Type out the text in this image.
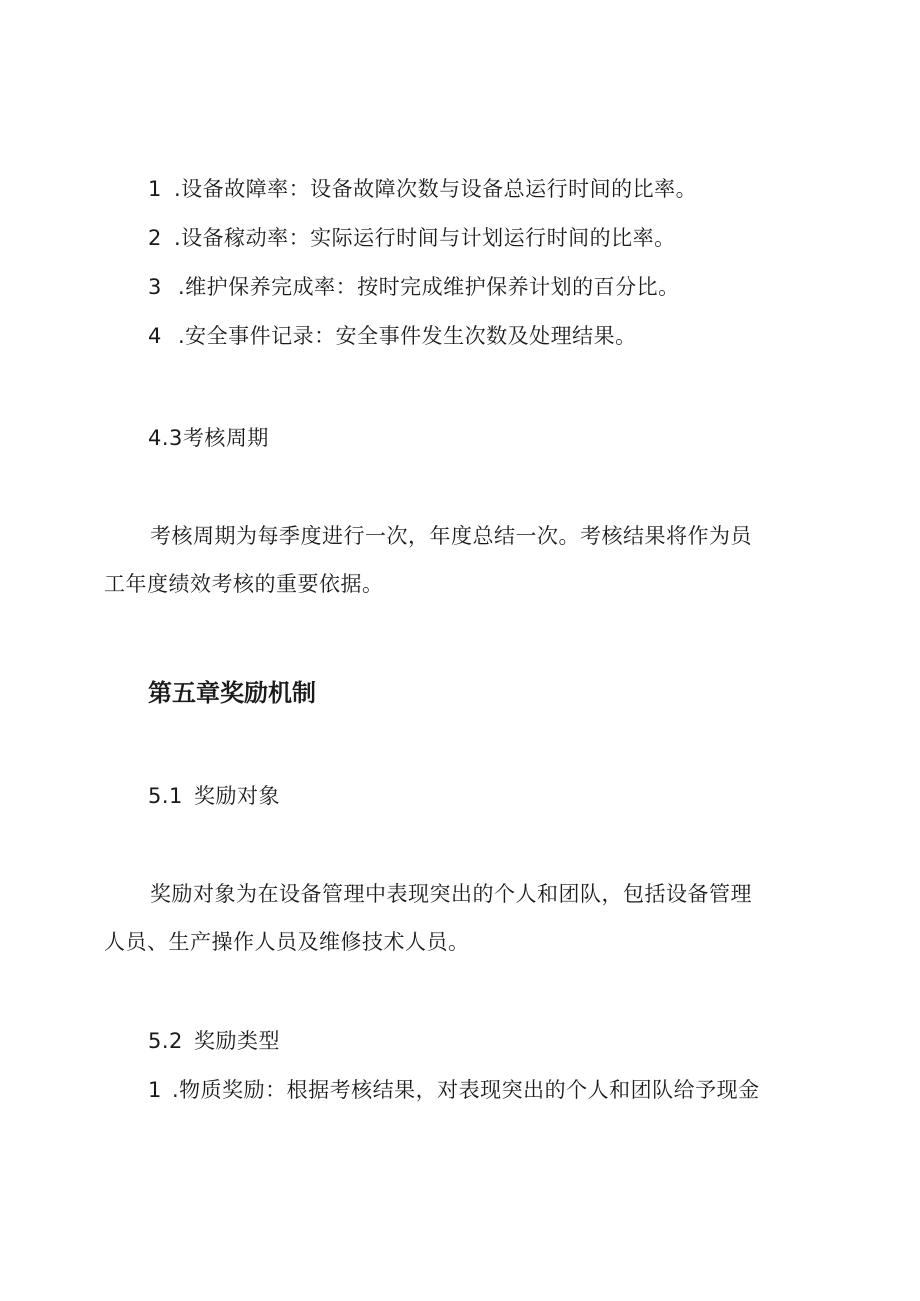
1 .设备故障率：设备故障次数与设备总运行时间的比率。
2 .设备稼动率：实际运行时间与计划运行时间的比率。
3 .维护保养完成率：按时完成维护保养计划的百分比。
4 .安全事件记录：安全事件发生次数及处理结果。
4.3考核周期
考核周期为每季度进行一次，年度总结一次。考核结果将作为员
工年度绩效考核的重要依据。
第五章奖励机制
5.1 奖励对象
奖励对象为在设备管理中表现突出的个人和团队，包括设备管理
人员、生产操作人员及维修技术人员。
5.2 奖励类型
1 .物质奖励：根据考核结果，对表现突出的个人和团队给予现金
